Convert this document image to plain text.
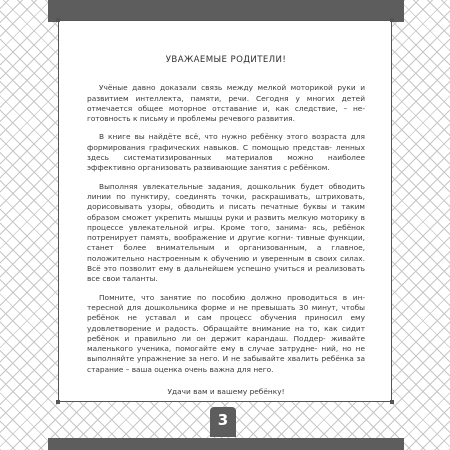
УВАЖАЕМЫЕ РОДИТЕЛИ!

Учёные давно доказали связь между мелкой моторикой руки и развитием интеллекта, памяти, речи. Сегодня у многих детей отмечается общее моторное отставание и, как следствие, – не- готовность к письму и проблемы речевого развития.

В книге вы найдёте всё, что нужно ребёнку этого возраста для формирования графических навыков. С помощью представ- ленных здесь систематизированных материалов можно наиболее эффективно организовать развивающие занятия с ребёнком.

Выполняя увлекательные задания, дошкольник будет обводить линии по пунктиру, соединять точки, раскрашивать, штриховать, дорисовывать узоры, обводить и писать печатные буквы и таким образом сможет укрепить мышцы руки и развить мелкую моторику в процессе увлекательной игры. Кроме того, занима- ясь, ребёнок потренирует память, воображение и другие когни- тивные функции, станет более внимательным и организованным, а главное, положительно настроенным к обучению и уверенным в своих силах. Всё это позволит ему в дальнейшем успешно учиться и реализовать все свои таланты.

Помните, что занятие по пособию должно проводиться в ин- тересной для дошкольника форме и не превышать 30 минут, чтобы ребёнок не уставал и сам процесс обучения приносил ему удовлетворение и радость. Обращайте внимание на то, как сидит ребёнок и правильно ли он держит карандаш. Поддер- живайте маленького ученика, помогайте ему в случае затрудне- ний, но не выполняйте упражнение за него. И не забывайте хвалить ребёнка за старание – ваша оценка очень важна для него.

Удачи вам и вашему ребёнку!
3
